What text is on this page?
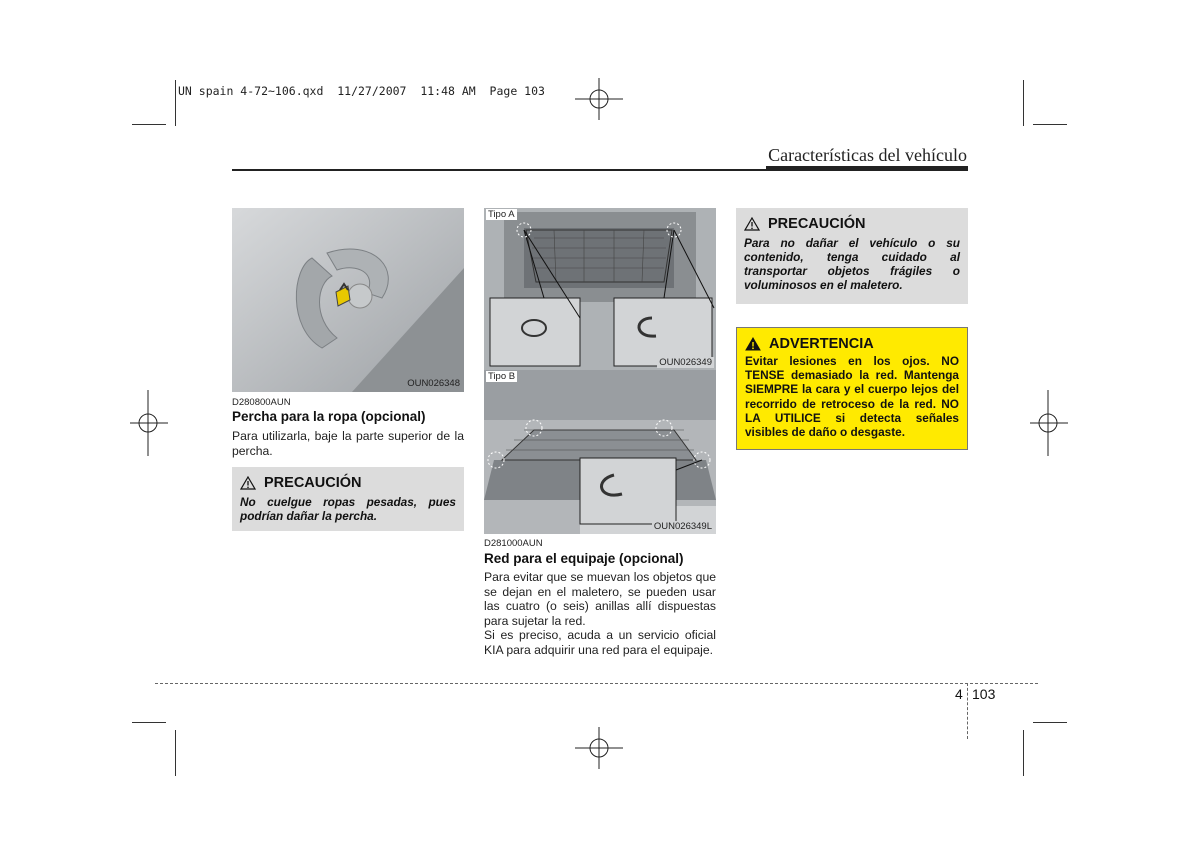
UN spain 4-72~106.qxd  11/27/2007  11:48 AM  Page 103
Características del vehículo
OUN026348
D280800AUN
Percha para la ropa (opcional)
Para utilizarla, baje la parte superior de la percha.
PRECAUCIÓN
No cuelgue ropas pesadas, pues podrían dañar la percha.
Tipo A
OUN026349
Tipo B
OUN026349L
D281000AUN
Red para el equipaje (opcional)
Para evitar que se muevan los objetos que se dejan en el maletero, se pueden usar las cuatro (o seis) anillas allí dispuestas para sujetar la red.
Si es preciso, acuda a un servicio oficial KIA para adquirir una red para el equipaje.
PRECAUCIÓN
Para no dañar el vehículo o su contenido, tenga cuidado al transportar objetos frágiles o voluminosos en el maletero.
ADVERTENCIA
Evitar lesiones en los ojos. NO TENSE demasiado la red. Mantenga SIEMPRE la cara y el cuerpo lejos del recorrido de retroceso de la red. NO LA UTILICE si detecta señales visibles de daño o desgaste.
4 103
